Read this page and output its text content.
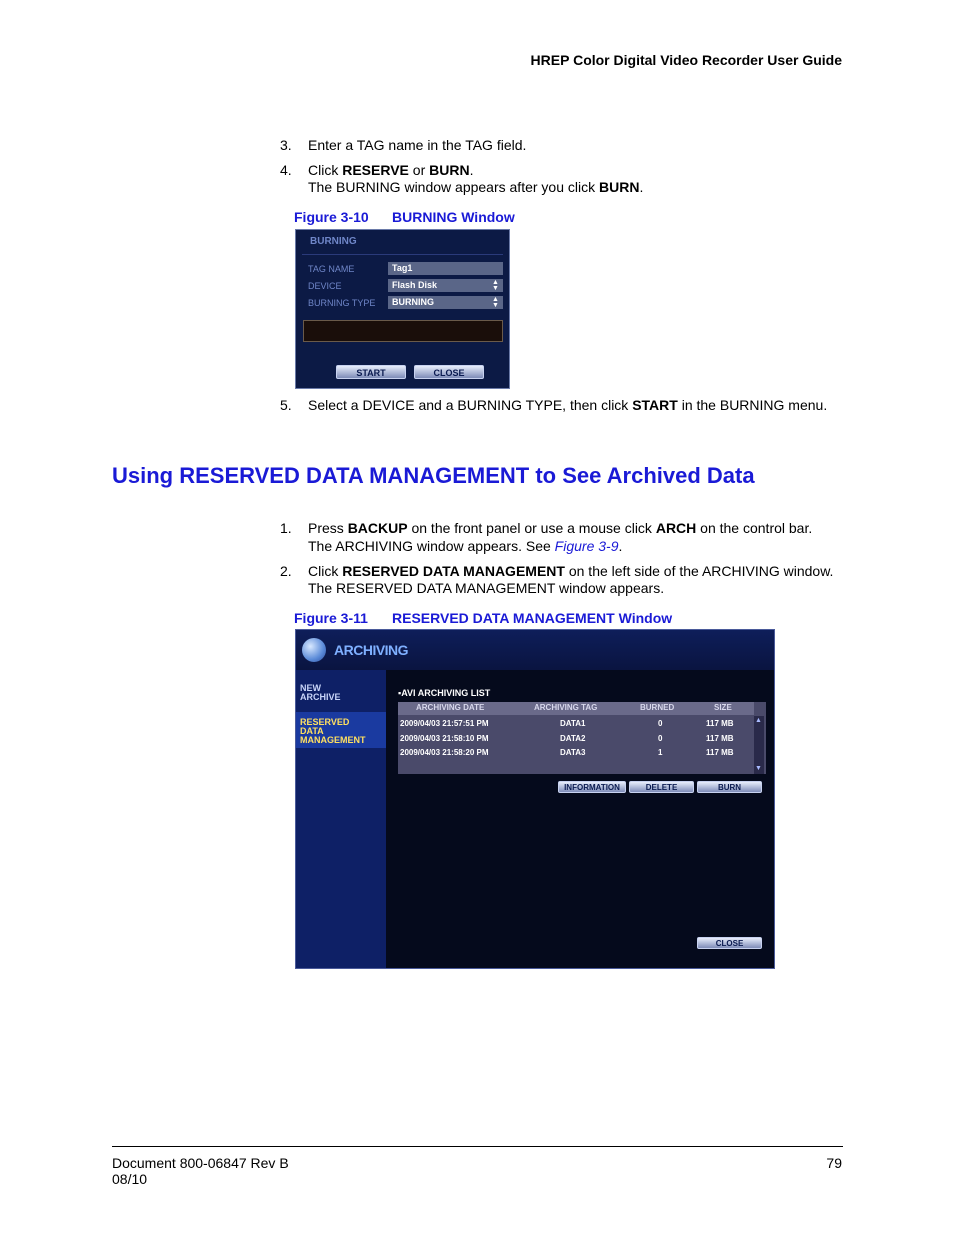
HREP Color Digital Video Recorder User Guide
3. Enter a TAG name in the TAG field.
4. Click RESERVE or BURN.
The BURNING window appears after you click BURN.
Figure 3-10 BURNING Window
BURNING
TAG NAME	Tag1
DEVICE	Flash Disk	▲
▼
BURNING TYPE	BURNING	▲
▼
START	CLOSE
5. Select a DEVICE and a BURNING TYPE, then click START in the BURNING menu.
Using RESERVED DATA MANAGEMENT to See Archived Data
1. Press BACKUP on the front panel or use a mouse click ARCH on the control bar.
The ARCHIVING window appears. See Figure 3-9.
2. Click RESERVED DATA MANAGEMENT on the left side of the ARCHIVING window.
The RESERVED DATA MANAGEMENT window appears.
Figure 3-11 RESERVED DATA MANAGEMENT Window
ARCHIVING
NEW
ARCHIVE
RESERVED
DATA
MANAGEMENT
▪AVI ARCHIVING LIST
ARCHIVING DATE	ARCHIVING TAG	BURNED	SIZE
2009/04/03 21:57:51 PM	DATA1	0	117 MB
2009/04/03 21:58:10 PM	DATA2	0	117 MB
2009/04/03 21:58:20 PM	DATA3	1	117 MB
▲
▼
INFORMATION	DELETE	BURN
CLOSE
Document 800-06847 Rev B
08/10
79
